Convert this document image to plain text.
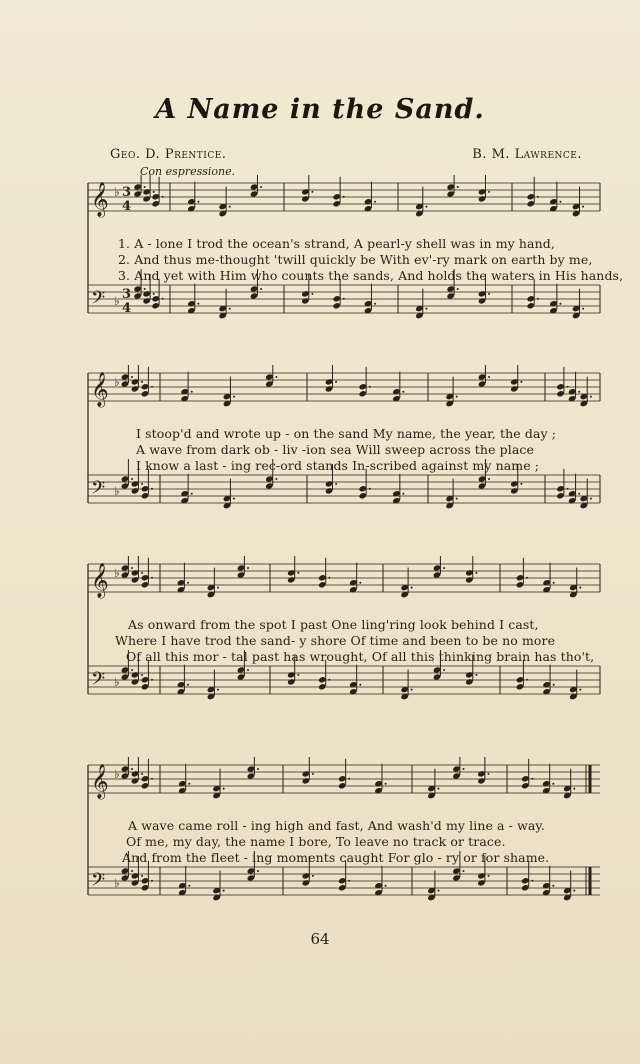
A Name in the Sand.
Geo. D. Prentice.	B. M. Lawrence.
Con espressione.
𝄞 ♭ 3
4
𝄢 ♭ 3
4
1. A - lone I trod the ocean's strand, A pearl-y shell was in my hand,
2. And thus me-thought 'twill quickly be With ev'-ry mark on earth by me,
3. And yet with Him who counts the sands, And holds the waters in His hands,
𝄞 ♭
𝄢 ♭
I stoop'd and wrote up - on the sand My name, the year, the day ;
A wave from dark ob - liv -ion sea Will sweep across the place
I know a last - ing rec-ord stands In-scribed against my name ;
𝄞 ♭
𝄢 ♭
As onward from the spot I past One ling'ring look behind I cast,
Where I have trod the sand- y shore Of time and been to be no more
Of all this mor - tal past has wrought, Of all this thinking brain has tho't,
𝄞 ♭
𝄢 ♭
A wave came roll - ing high and fast, And wash'd my line a - way.
Of me, my day, the name I bore, To leave no track or trace.
And from the fleet - ing moments caught For glo - ry or for shame.
64
